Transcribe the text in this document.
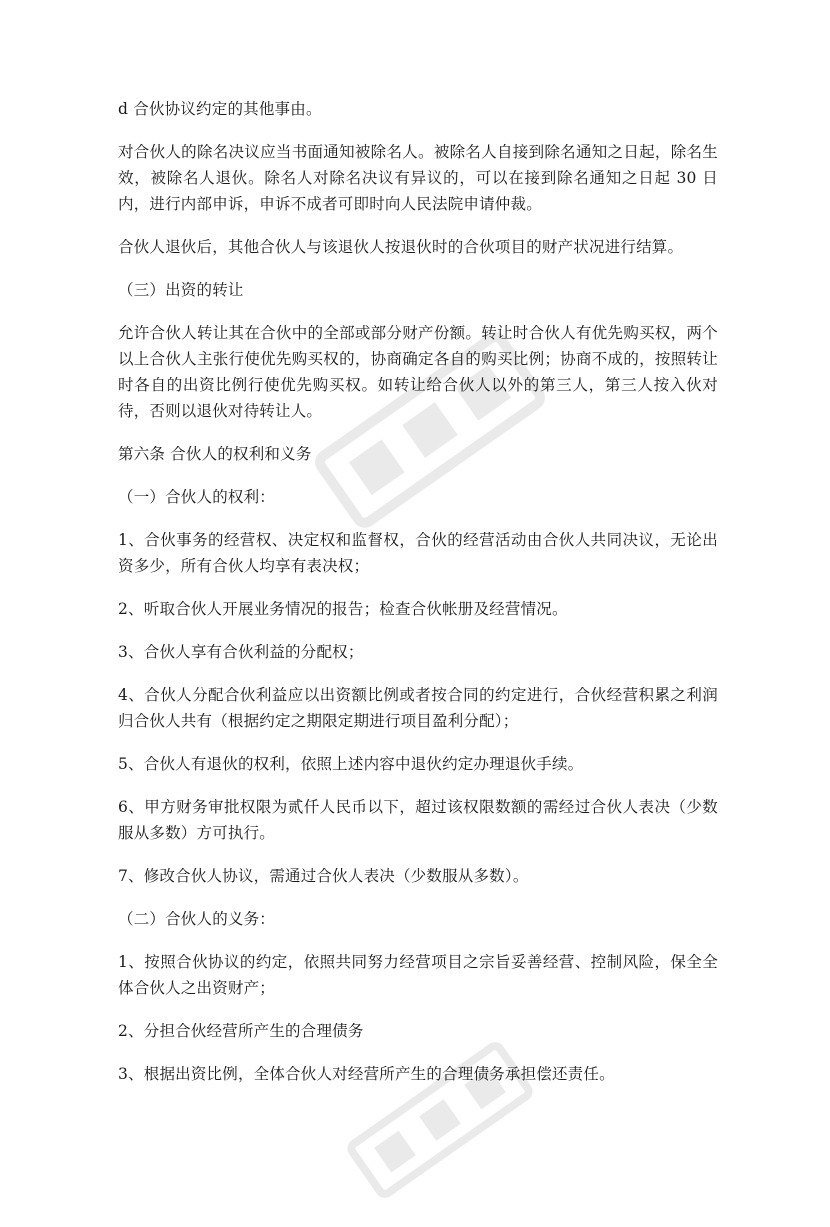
d 合伙协议约定的其他事由。

对合伙人的除名决议应当书面通知被除名人。被除名人自接到除名通知之日起，除名生效，被除名人退伙。除名人对除名决议有异议的，可以在接到除名通知之日起 30 日内，进行内部申诉，申诉不成者可即时向人民法院申请仲裁。

合伙人退伙后，其他合伙人与该退伙人按退伙时的合伙项目的财产状况进行结算。

（三）出资的转让

允许合伙人转让其在合伙中的全部或部分财产份额。转让时合伙人有优先购买权，两个以上合伙人主张行使优先购买权的，协商确定各自的购买比例；协商不成的，按照转让时各自的出资比例行使优先购买权。如转让给合伙人以外的第三人，第三人按入伙对待，否则以退伙对待转让人。

第六条 合伙人的权利和义务

（一）合伙人的权利：

1、合伙事务的经营权、决定权和监督权，合伙的经营活动由合伙人共同决议，无论出资多少，所有合伙人均享有表决权；

2、听取合伙人开展业务情况的报告；检查合伙帐册及经营情况。

3、合伙人享有合伙利益的分配权；

4、合伙人分配合伙利益应以出资额比例或者按合同的约定进行，合伙经营积累之利润归合伙人共有（根据约定之期限定期进行项目盈利分配）；

5、合伙人有退伙的权利，依照上述内容中退伙约定办理退伙手续。

6、甲方财务审批权限为贰仟人民币以下，超过该权限数额的需经过合伙人表决（少数服从多数）方可执行。

7、修改合伙人协议，需通过合伙人表决（少数服从多数）。

（二）合伙人的义务：

1、按照合伙协议的约定，依照共同努力经营项目之宗旨妥善经营、控制风险，保全全体合伙人之出资财产；

2、分担合伙经营所产生的合理债务

3、根据出资比例，全体合伙人对经营所产生的合理债务承担偿还责任。
